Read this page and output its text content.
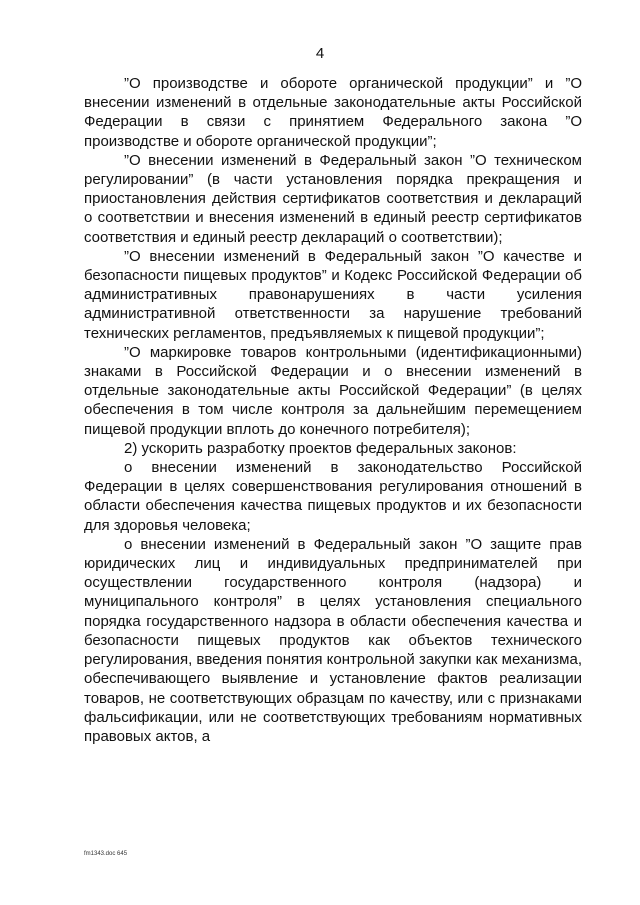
4

”О производстве и обороте органической продукции” и ”О внесении изменений в отдельные законодательные акты Российской Федерации в связи с принятием Федерального закона ”О производстве и обороте органической продукции”;

”О внесении изменений в Федеральный закон ”О техническом регулировании” (в части установления порядка прекращения и приостановления действия сертификатов соответствия и деклараций о соответствии и внесения изменений в единый реестр сертификатов соответствия и единый реестр деклараций о соответствии);

”О внесении изменений в Федеральный закон ”О качестве и безопасности пищевых продуктов” и Кодекс Российской Федерации об административных правонарушениях в части усиления административной ответственности за нарушение требований технических регламентов, предъявляемых к пищевой продукции”;

”О маркировке товаров контрольными (идентификационными) знаками в Российской Федерации и о внесении изменений в отдельные законодательные акты Российской Федерации” (в целях обеспечения в том числе контроля за дальнейшим перемещением пищевой продукции вплоть до конечного потребителя);

2) ускорить разработку проектов федеральных законов:

о внесении изменений в законодательство Российской Федерации в целях совершенствования регулирования отношений в области обеспечения качества пищевых продуктов и их безопасности для здоровья человека;

о внесении изменений в Федеральный закон ”О защите прав юридических лиц и индивидуальных предпринимателей при осуществлении государственного контроля (надзора) и муниципального контроля” в целях установления специального порядка государственного надзора в области обеспечения качества и безопасности пищевых продуктов как объектов технического регулирования, введения понятия контрольной закупки как механизма, обеспечивающего выявление и установление фактов реализации товаров, не соответствующих образцам по качеству, или с признаками фальсификации, или не соответствующих требованиям нормативных правовых актов, а

fm1343.doc 645
